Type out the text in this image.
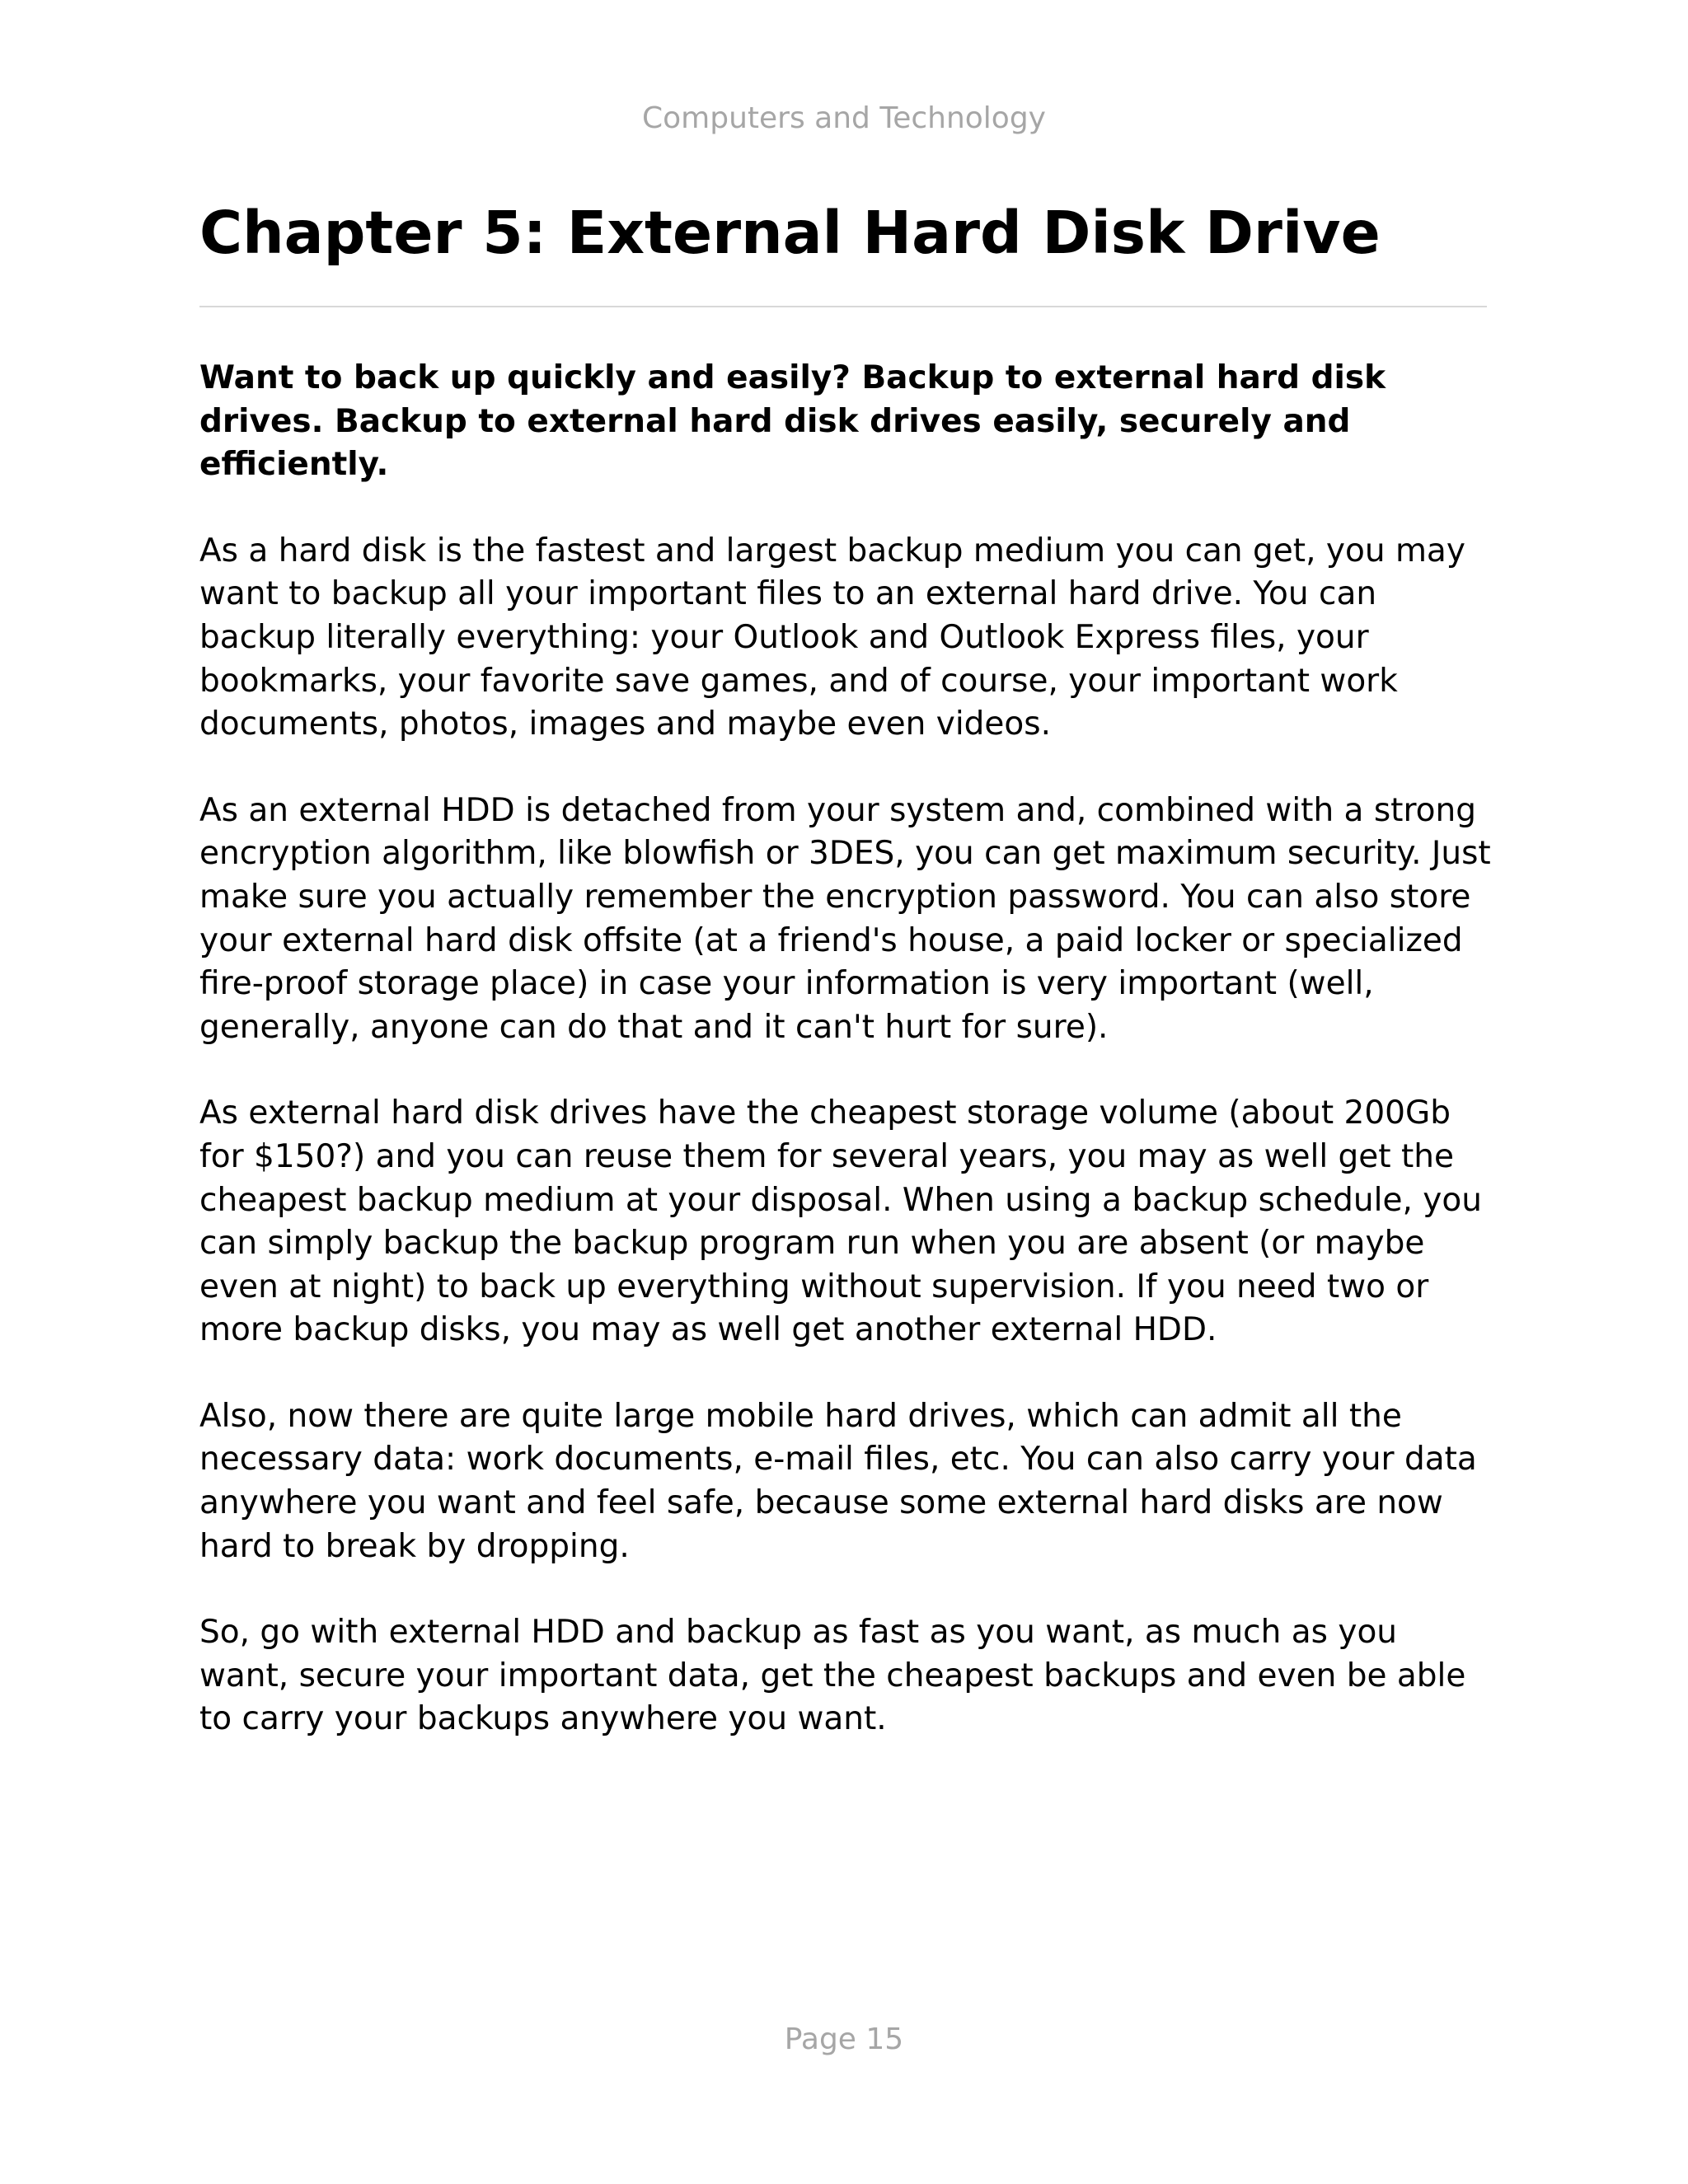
Computers and Technology
Chapter 5: External Hard Disk Drive

Want to back up quickly and easily? Backup to external hard disk drives. Backup to external hard disk drives easily, securely and efficiently.

As a hard disk is the fastest and largest backup medium you can get, you may want to backup all your important files to an external hard drive. You can backup literally everything: your Outlook and Outlook Express files, your bookmarks, your favorite save games, and of course, your important work documents, photos, images and maybe even videos.

As an external HDD is detached from your system and, combined with a strong encryption algorithm, like blowfish or 3DES, you can get maximum security. Just make sure you actually remember the encryption password. You can also store your external hard disk offsite (at a friend's house, a paid locker or specialized fire-proof storage place) in case your information is very important (well, generally, anyone can do that and it can't hurt for sure).

As external hard disk drives have the cheapest storage volume (about 200Gb for $150?) and you can reuse them for several years, you may as well get the cheapest backup medium at your disposal. When using a backup schedule, you can simply backup the backup program run when you are absent (or maybe even at night) to back up everything without supervision. If you need two or more backup disks, you may as well get another external HDD.

Also, now there are quite large mobile hard drives, which can admit all the necessary data: work documents, e-mail files, etc. You can also carry your data anywhere you want and feel safe, because some external hard disks are now hard to break by dropping.

So, go with external HDD and backup as fast as you want, as much as you want, secure your important data, get the cheapest backups and even be able to carry your backups anywhere you want.

Page 15
